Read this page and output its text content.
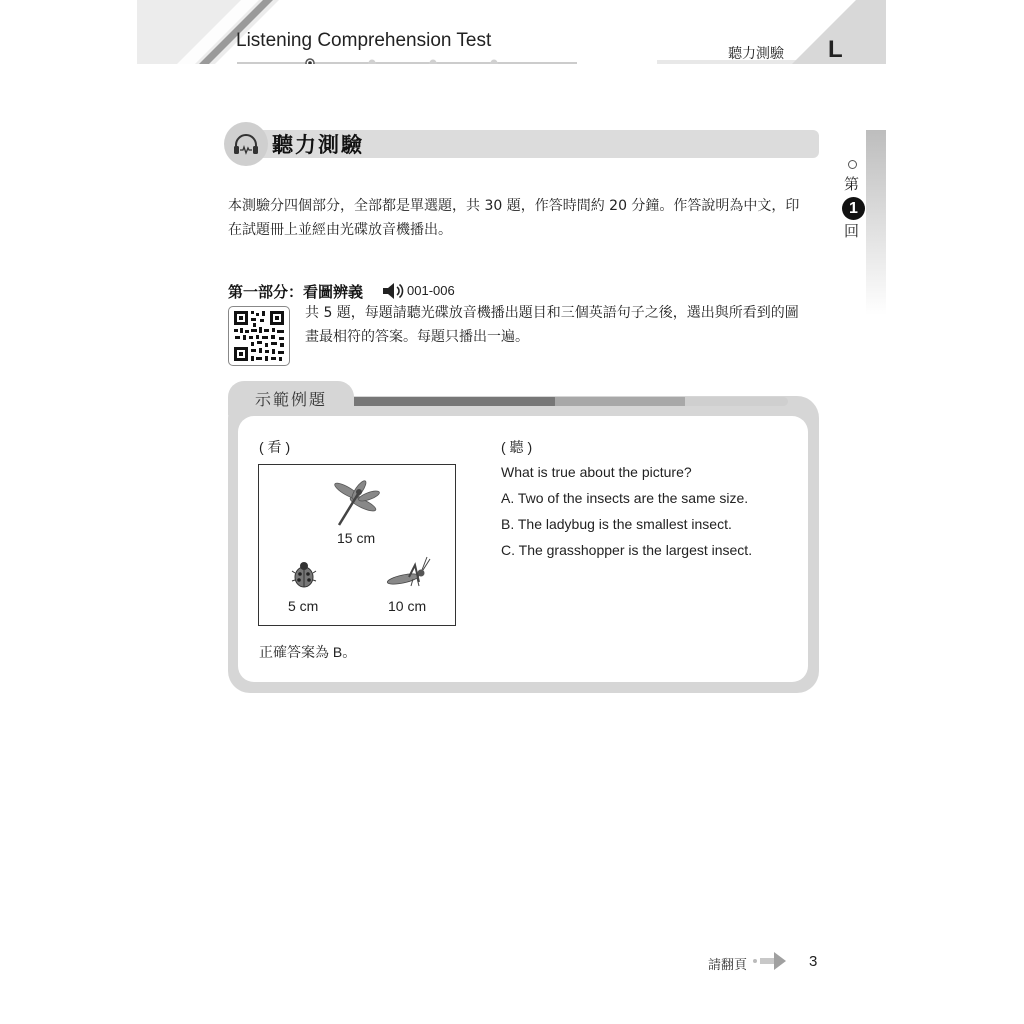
Listening Comprehension Test
聽力測驗 L
第
1
回
聽力測驗
本測驗分四個部分，全部都是單選題，共 30 題，作答時間約 20 分鐘。作答說明為中文，印
在試題冊上並經由光碟放音機播出。
第一部分：看圖辨義	001-006
共 5 題，每題請聽光碟放音機播出題目和三個英語句子之後，選出與所看到的圖
畫最相符的答案。每題只播出一遍。
示範例題
( 看 )	( 聽 )
15 cm
5 cm	10 cm
What is true about the picture?
A. Two of the insects are the same size.
B. The ladybug is the smallest insect.
C. The grasshopper is the largest insect.
正確答案為 B。
請翻頁	3
